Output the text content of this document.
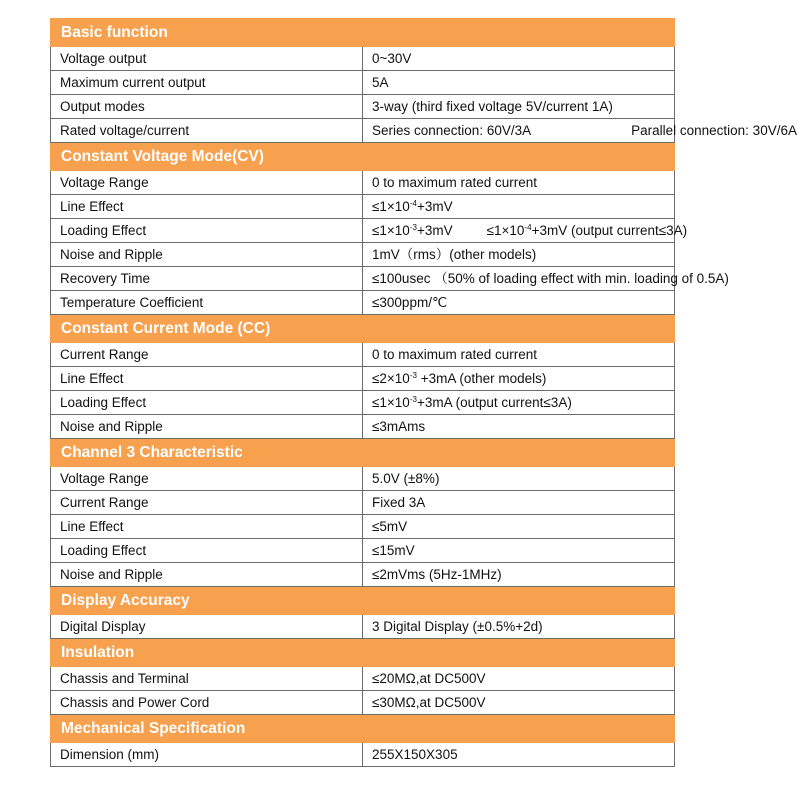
Basic function	
Voltage output	0~30V
Maximum current output	5A
Output modes	3-way (third fixed voltage 5V/current 1A)
Rated voltage/current	Series connection: 60V/3A Parallel connection: 30V/6A
Constant Voltage Mode(CV)	
Voltage Range	0 to maximum rated current
Line Effect	$\le 1\times 10^{-4}+3mV$
Loading Effect	$\le 1\times 10^{-3}+3mV \le 1\times 10^{-4}+3mV$ (output current≤3A)
Noise and Ripple	1mV（rms）(other models)
Recovery Time	≤100usec （50% of loading effect with min. loading of 0.5A)
Temperature Coefficient	≤300ppm/℃
Constant Current Mode (CC)	
Current Range	0 to maximum rated current
Line Effect	$\le 2\times 10^{-3} +3mA$ (other models)
Loading Effect	$\le 1\times 10^{-3}+3mA$ (output current≤3A)
Noise and Ripple	≤3mAms
Channel 3 Characteristic	
Voltage Range	5.0V (±8%)
Current Range	Fixed 3A
Line Effect	≤5mV
Loading Effect	≤15mV
Noise and Ripple	≤2mVms (5Hz-1MHz)
Display Accuracy	
Digital Display	3 Digital Display (±0.5%+2d)
Insulation	
Chassis and Terminal	≤20MΩ,at DC500V
Chassis and Power Cord	≤30MΩ,at DC500V
Mechanical Specification	
Dimension (mm)	255X150X305
